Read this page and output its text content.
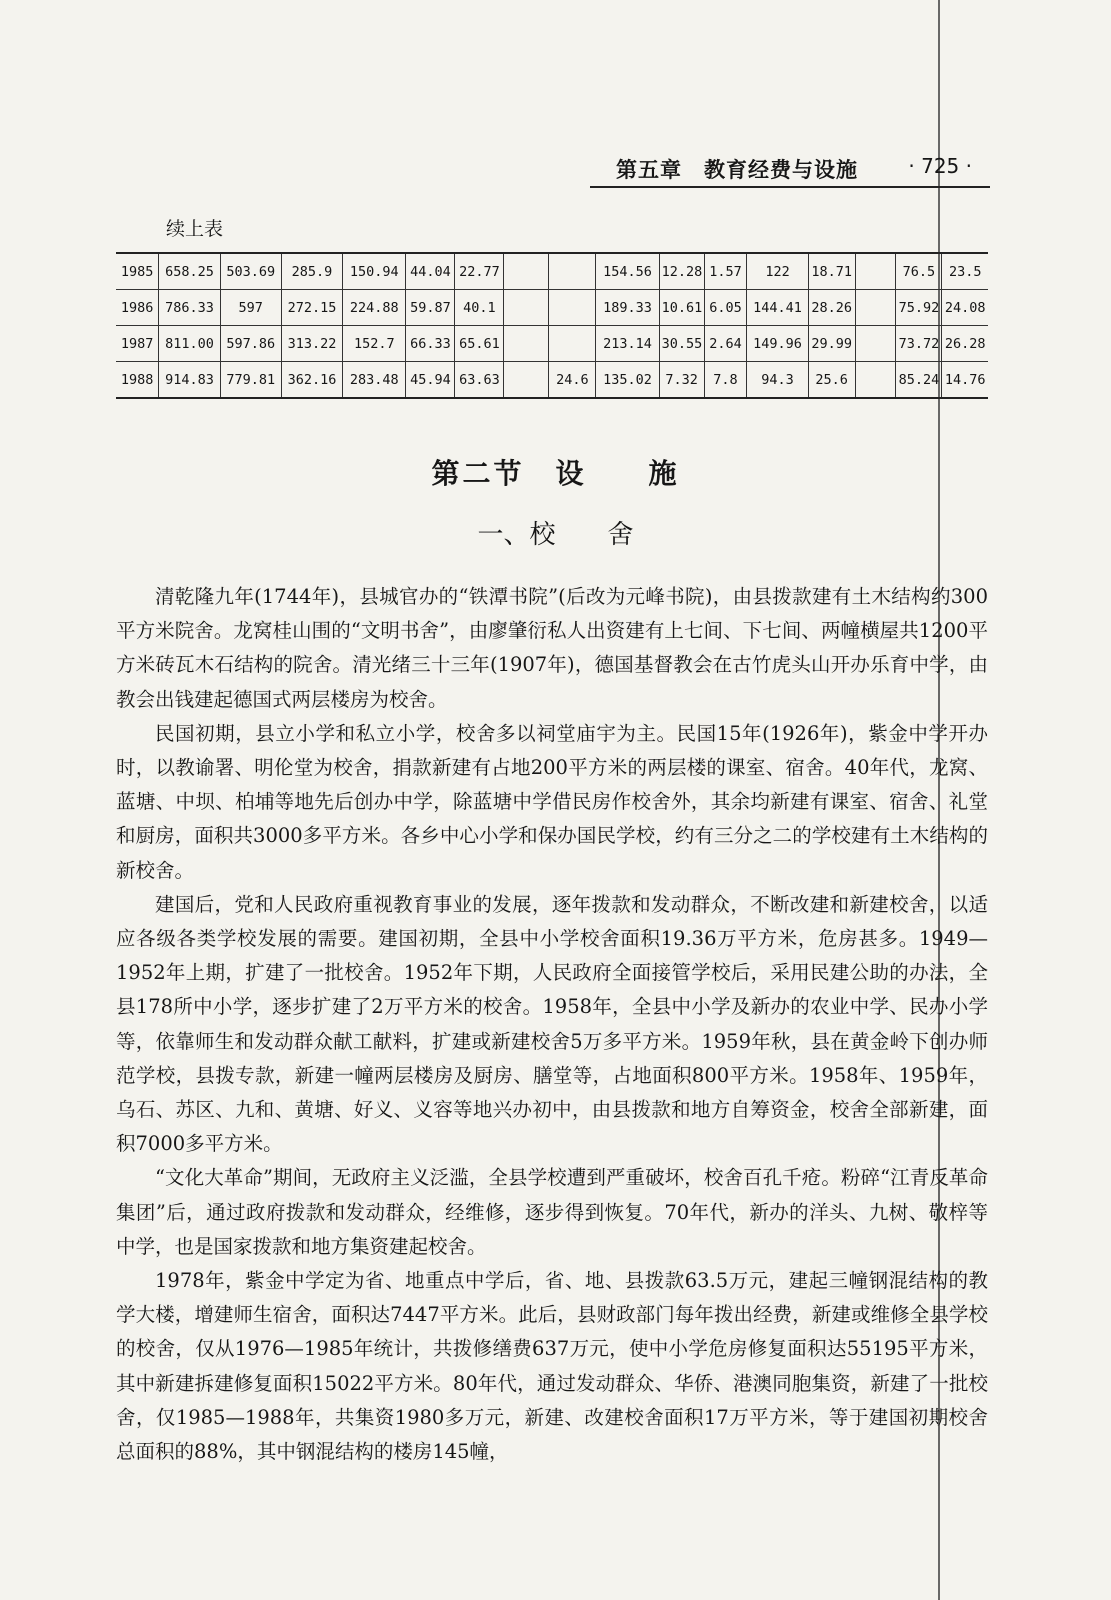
第五章　教育经费与设施	· 725 ·
续上表
1985	658.25	503.69	285.9	150.94	44.04	22.77			154.56	12.28	1.57	122	18.71		76.5	23.5
1986	786.33	597	272.15	224.88	59.87	40.1			189.33	10.61	6.05	144.41	28.26		75.92	24.08
1987	811.00	597.86	313.22	152.7	66.33	65.61			213.14	30.55	2.64	149.96	29.99		73.72	26.28
1988	914.83	779.81	362.16	283.48	45.94	63.63		24.6	135.02	7.32	7.8	94.3	25.6		85.24	14.76
第二节　设　　施
一、校　　舍

清乾隆九年(1744年)，县城官办的“铁潭书院”(后改为元峰书院)，由县拨款建有土木结构约300平方米院舍。龙窝桂山围的“文明书舍”，由廖肇衍私人出资建有上七间、下七间、两幢横屋共1200平方米砖瓦木石结构的院舍。清光绪三十三年(1907年)，德国基督教会在古竹虎头山开办乐育中学，由教会出钱建起德国式两层楼房为校舍。

民国初期，县立小学和私立小学，校舍多以祠堂庙宇为主。民国15年(1926年)，紫金中学开办时，以教谕署、明伦堂为校舍，捐款新建有占地200平方米的两层楼的课室、宿舍。40年代，龙窝、蓝塘、中坝、柏埔等地先后创办中学，除蓝塘中学借民房作校舍外，其余均新建有课室、宿舍、礼堂和厨房，面积共3000多平方米。各乡中心小学和保办国民学校，约有三分之二的学校建有土木结构的新校舍。

建国后，党和人民政府重视教育事业的发展，逐年拨款和发动群众，不断改建和新建校舍，以适应各级各类学校发展的需要。建国初期，全县中小学校舍面积19.36万平方米，危房甚多。1949—1952年上期，扩建了一批校舍。1952年下期，人民政府全面接管学校后，采用民建公助的办法，全县178所中小学，逐步扩建了2万平方米的校舍。1958年，全县中小学及新办的农业中学、民办小学等，依靠师生和发动群众献工献料，扩建或新建校舍5万多平方米。1959年秋，县在黄金岭下创办师范学校，县拨专款，新建一幢两层楼房及厨房、膳堂等，占地面积800平方米。1958年、1959年，乌石、苏区、九和、黄塘、好义、义容等地兴办初中，由县拨款和地方自筹资金，校舍全部新建，面积7000多平方米。

“文化大革命”期间，无政府主义泛滥，全县学校遭到严重破坏，校舍百孔千疮。粉碎“江青反革命集团”后，通过政府拨款和发动群众，经维修，逐步得到恢复。70年代，新办的洋头、九树、敬梓等中学，也是国家拨款和地方集资建起校舍。

1978年，紫金中学定为省、地重点中学后，省、地、县拨款63.5万元，建起三幢钢混结构的教学大楼，增建师生宿舍，面积达7447平方米。此后，县财政部门每年拨出经费，新建或维修全县学校的校舍，仅从1976—1985年统计，共拨修缮费637万元，使中小学危房修复面积达55195平方米，其中新建拆建修复面积15022平方米。80年代，通过发动群众、华侨、港澳同胞集资，新建了一批校舍，仅1985—1988年，共集资1980多万元，新建、改建校舍面积17万平方米，等于建国初期校舍总面积的88%，其中钢混结构的楼房145幢，
